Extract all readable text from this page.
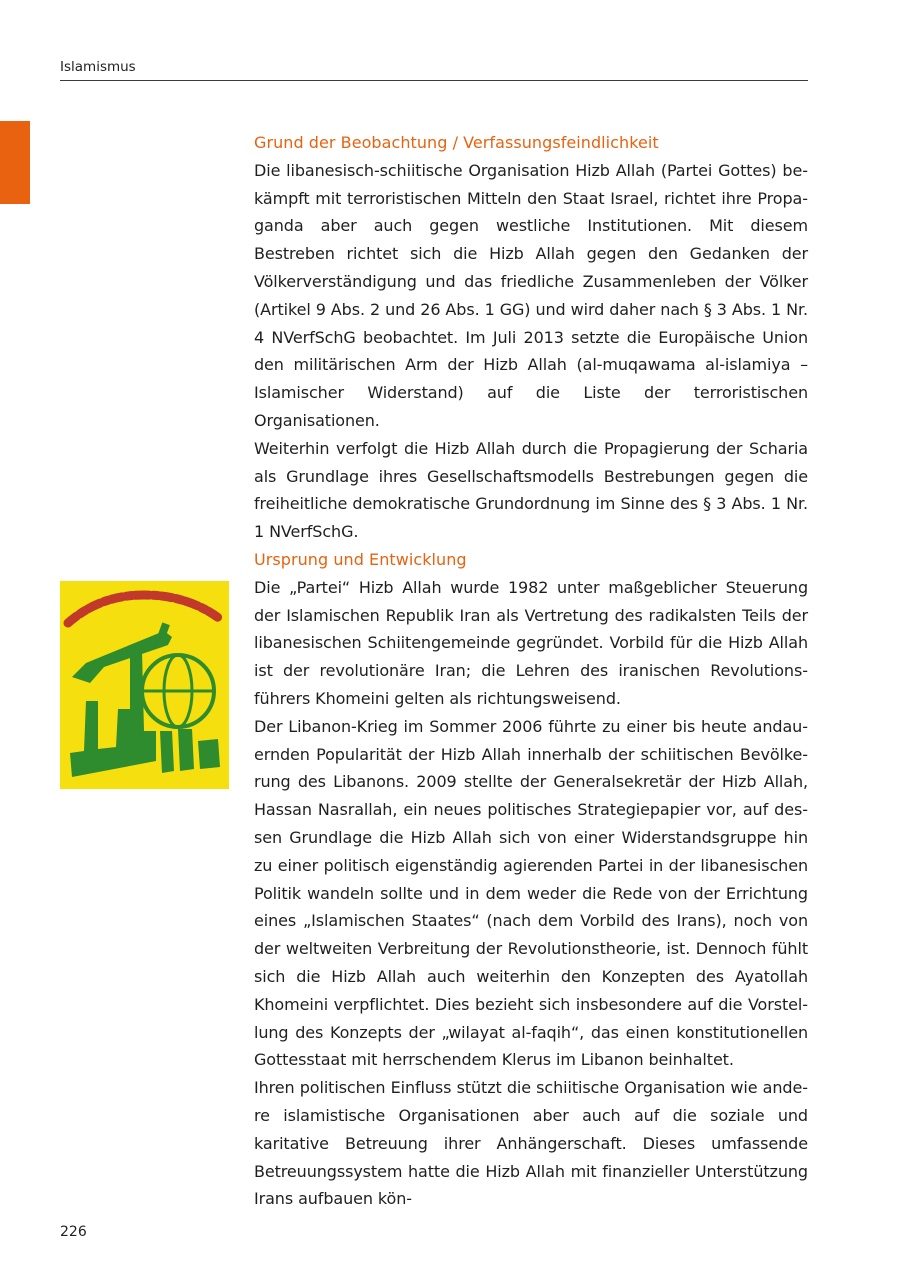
Islamismus
Grund der Beobachtung / Verfassungsfeindlichkeit

Die libanesisch-schiitische Organisation Hizb Allah (Partei Gottes) bekämpft mit terroristischen Mitteln den Staat Israel, richtet ihre Propaganda aber auch gegen westliche Institutionen. Mit diesem Bestreben richtet sich die Hizb Allah gegen den Gedanken der Völkerverständigung und das friedliche Zusammenleben der Völker (Artikel 9 Abs. 2 und 26 Abs. 1 GG) und wird daher nach § 3 Abs. 1 Nr. 4 NVerfSchG beobachtet. Im Juli 2013 setzte die Europäische Union den militärischen Arm der Hizb Allah (al-muqawama al-islamiya – Islamischer Widerstand) auf die Liste der terroristischen Organisationen.

Weiterhin verfolgt die Hizb Allah durch die Propagierung der Scharia als Grundlage ihres Gesellschaftsmodells Bestrebungen gegen die freiheitliche demokratische Grundordnung im Sinne des § 3 Abs. 1 Nr. 1 NVerfSchG.

Ursprung und Entwicklung

Die „Partei“ Hizb Allah wurde 1982 unter maßgeblicher Steuerung der Islamischen Republik Iran als Vertretung des radikalsten Teils der libanesischen Schiitengemeinde gegründet. Vorbild für die Hizb Allah ist der revolutionäre Iran; die Lehren des iranischen Revolutionsführers Khomeini gelten als richtungsweisend.

Der Libanon-Krieg im Sommer 2006 führte zu einer bis heute andauernden Popularität der Hizb Allah innerhalb der schiitischen Bevölkerung des Libanons. 2009 stellte der Generalsekretär der Hizb Allah, Hassan Nasrallah, ein neues politisches Strategiepapier vor, auf dessen Grundlage die Hizb Allah sich von einer Widerstandsgruppe hin zu einer politisch eigenständig agierenden Partei in der libanesischen Politik wandeln sollte und in dem weder die Rede von der Errichtung eines „Islamischen Staates“ (nach dem Vorbild des Irans), noch von der weltweiten Verbreitung der Revolutionstheorie, ist. Dennoch fühlt sich die Hizb Allah auch weiterhin den Konzepten des Ayatollah Khomeini verpflichtet. Dies bezieht sich insbesondere auf die Vorstellung des Konzepts der „wilayat al-faqih“, das einen konstitutionellen Gottesstaat mit herrschendem Klerus im Libanon beinhaltet.

Ihren politischen Einfluss stützt die schiitische Organisation wie andere islamistische Organisationen aber auch auf die soziale und karitative Betreuung ihrer Anhängerschaft. Dieses umfassende Betreuungssystem hatte die Hizb Allah mit finanzieller Unterstützung Irans aufbauen kön-

226
